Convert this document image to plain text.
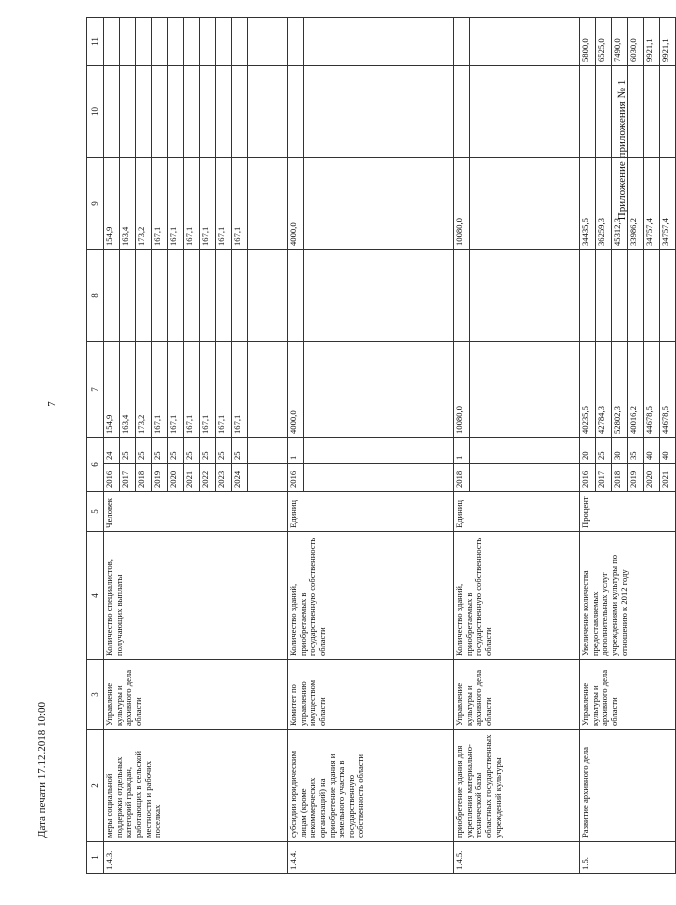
Приложение приложения № 1
7
Дата печати 17.12.2018 10:00
1	2	3	4	5	6		7	8	9	10	11
1.4.3.	меры социальной поддержки отдельных категорий граждан, работающих в сельской местности и рабочих поселках	Управление культуры и архивного дела области	Количество специалистов, получающих выплаты	Человек	2016	24	154,9		154,9		
					2017	25	163,4		163,4		
					2018	25	173,2		173,2		
					2019	25	167,1		167,1		
					2020	25	167,1		167,1		
					2021	25	167,1		167,1		
					2022	25	167,1		167,1		
					2023	25	167,1		167,1		
					2024	25	167,1		167,1		

1.4.4.	субсидии юридическим лицам (кроме некоммерческих организаций) на приобретение здания и земельного участка в государственную собственность области	Комитет по управлению имуществом области	Количество зданий, приобретаемых в государственную собственность области	Единиц	2016	1	4000,0		4000,0		

1.4.5.	приобретение здания для укрепления материально-технической базы областных государственных учреждений культуры	Управление культуры и архивного дела области	Количество зданий, приобретаемых в государственную собственность области	Единиц	2018	1	10080,0		10080,0		

1.5.	Развитие архивного дела	Управление культуры и архивного дела области	Увеличение количества предоставляемых дополнительных услуг учреждениями культуры по отношению к 2012 году	Процент	2016	20	40235,5		34435,5		5800,0
					2017	25	42784,3		36259,3		6525,0
					2018	30	52802,3		45312,3		7490,0
					2019	35	40016,2		33986,2		6030,0
					2020	40	44678,5		34757,4		9921,1
					2021	40	44678,5		34757,4		9921,1
